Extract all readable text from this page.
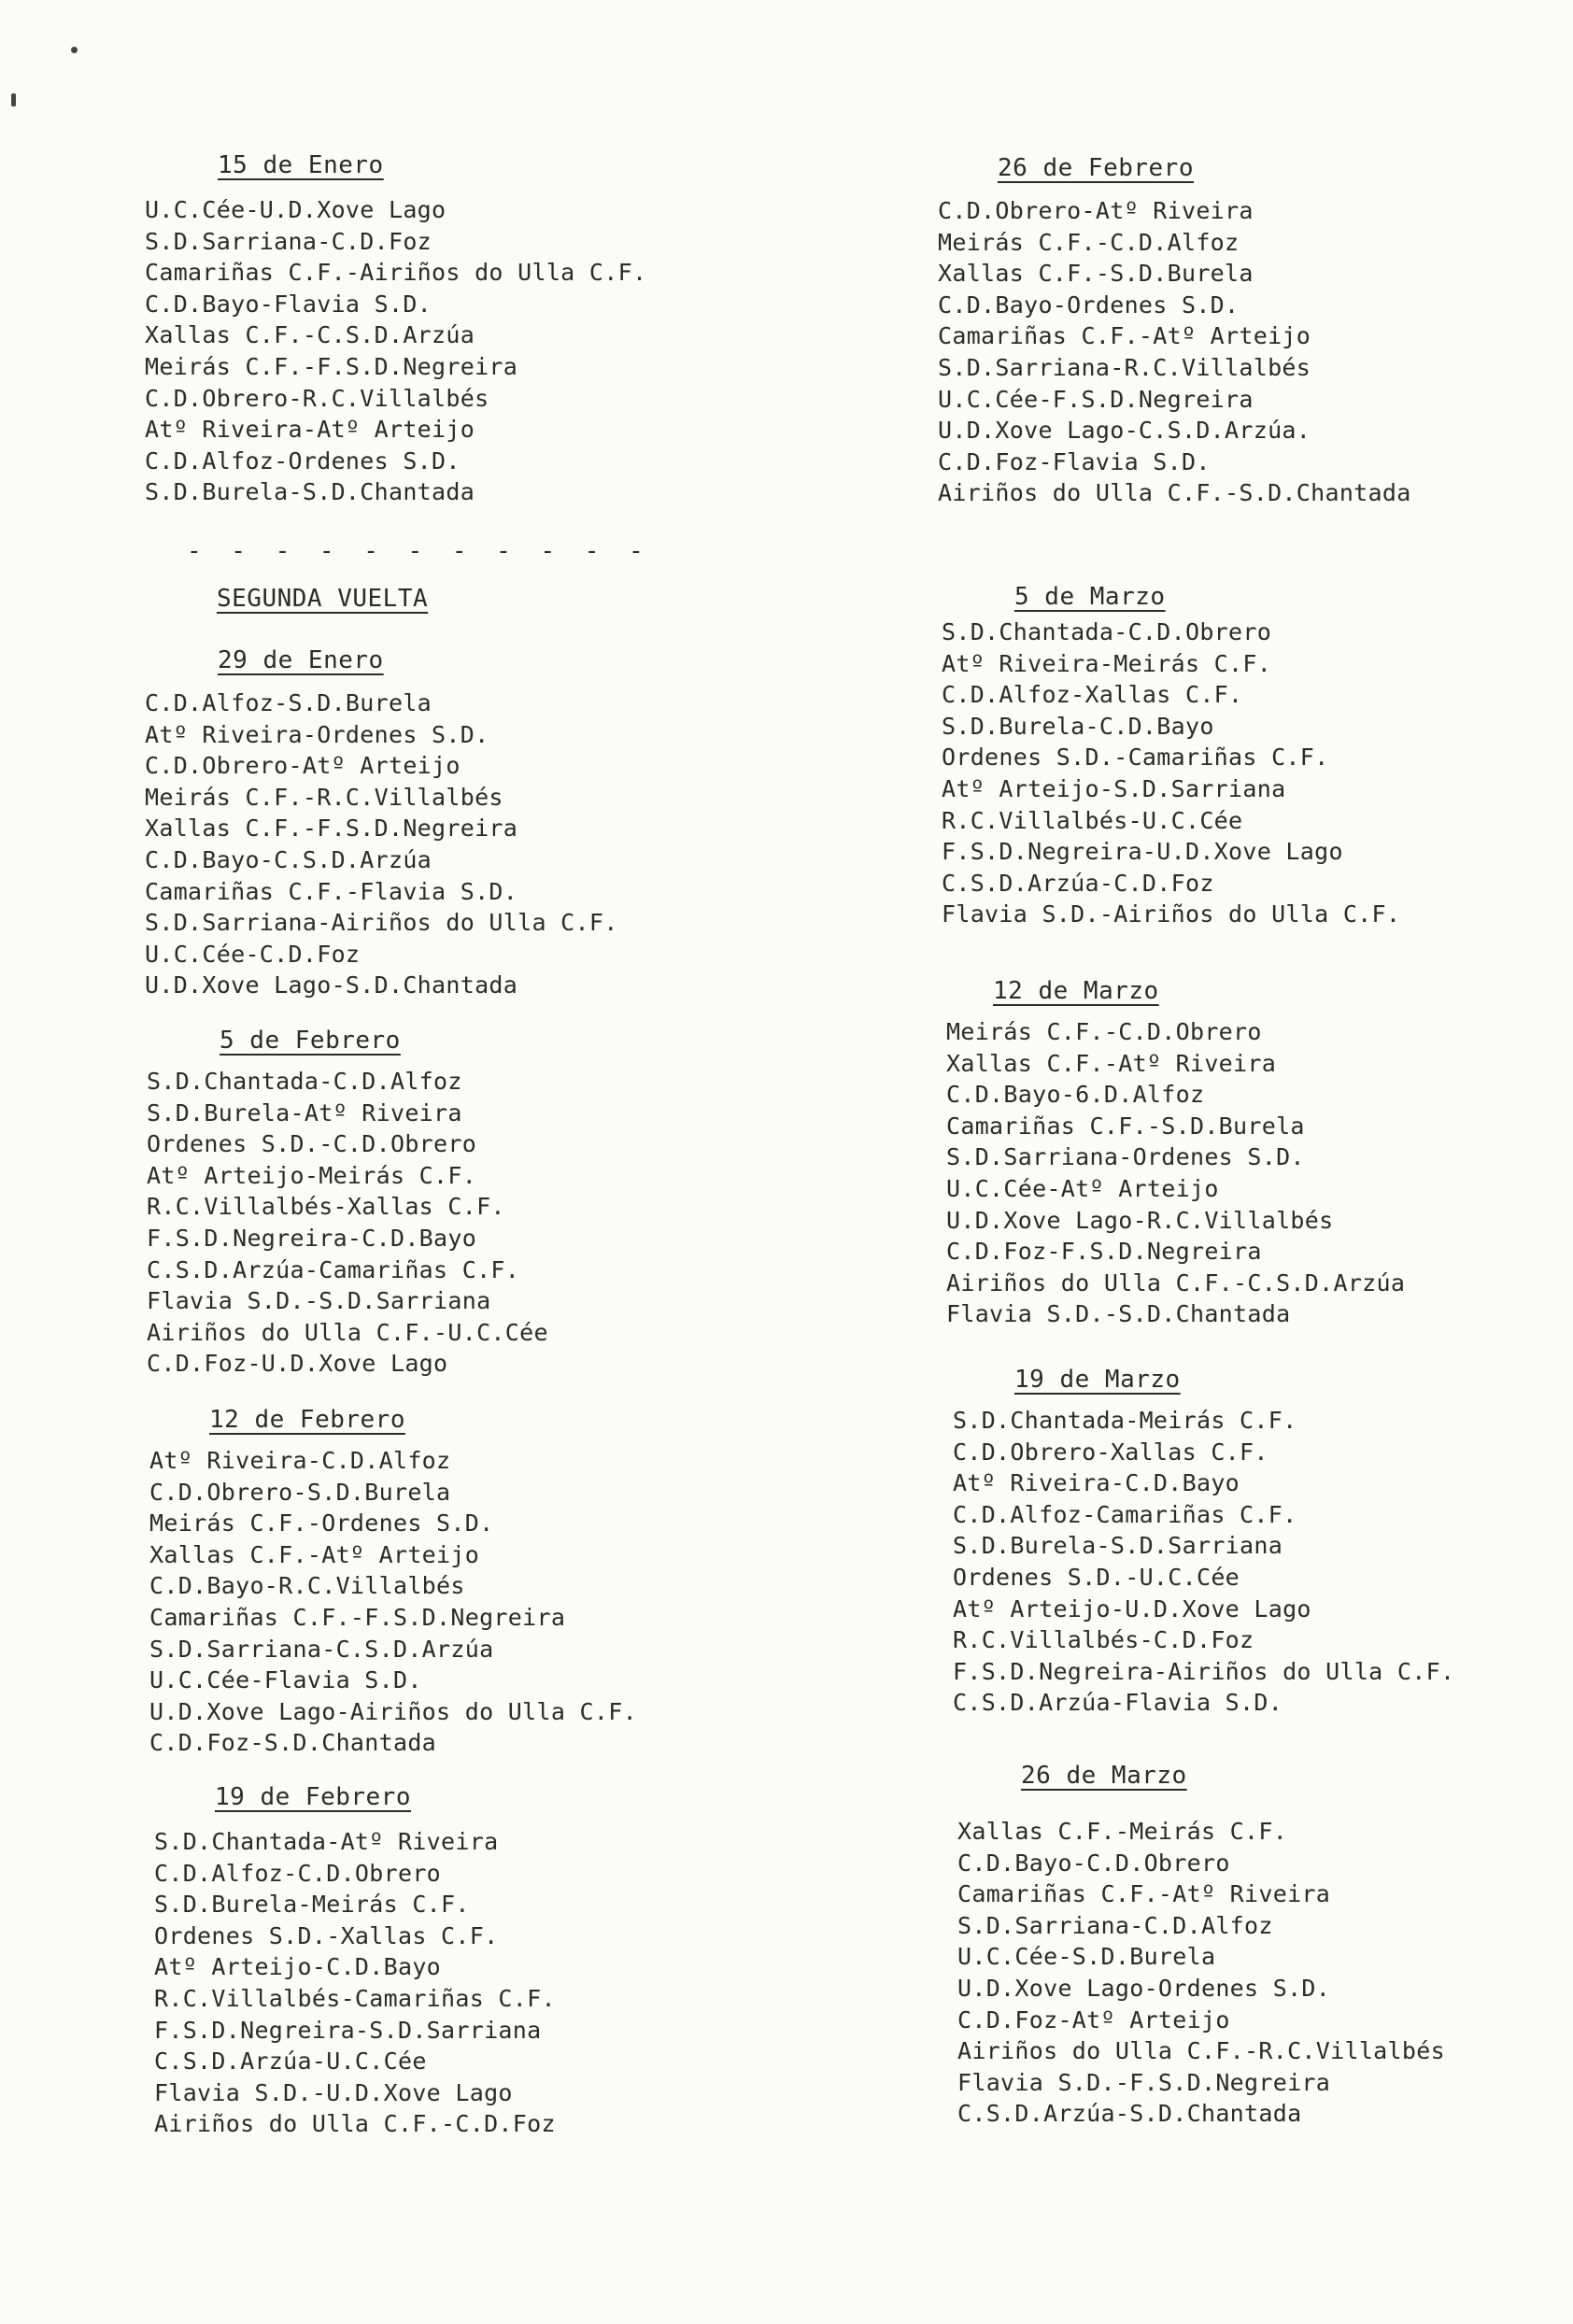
15 de Enero
U.C.Cée-U.D.Xove Lago
S.D.Sarriana-C.D.Foz
Camariñas C.F.-Airiños do Ulla C.F.
C.D.Bayo-Flavia S.D.
Xallas C.F.-C.S.D.Arzúa
Meirás C.F.-F.S.D.Negreira
C.D.Obrero-R.C.Villalbés
Atº Riveira-Atº Arteijo
C.D.Alfoz-Ordenes S.D.
S.D.Burela-S.D.Chantada
- - - - - - - - - - -
SEGUNDA VUELTA
29 de Enero
C.D.Alfoz-S.D.Burela
Atº Riveira-Ordenes S.D.
C.D.Obrero-Atº Arteijo
Meirás C.F.-R.C.Villalbés
Xallas C.F.-F.S.D.Negreira
C.D.Bayo-C.S.D.Arzúa
Camariñas C.F.-Flavia S.D.
S.D.Sarriana-Airiños do Ulla C.F.
U.C.Cée-C.D.Foz
U.D.Xove Lago-S.D.Chantada
5 de Febrero
S.D.Chantada-C.D.Alfoz
S.D.Burela-Atº Riveira
Ordenes S.D.-C.D.Obrero
Atº Arteijo-Meirás C.F.
R.C.Villalbés-Xallas C.F.
F.S.D.Negreira-C.D.Bayo
C.S.D.Arzúa-Camariñas C.F.
Flavia S.D.-S.D.Sarriana
Airiños do Ulla C.F.-U.C.Cée
C.D.Foz-U.D.Xove Lago
12 de Febrero
Atº Riveira-C.D.Alfoz
C.D.Obrero-S.D.Burela
Meirás C.F.-Ordenes S.D.
Xallas C.F.-Atº Arteijo
C.D.Bayo-R.C.Villalbés
Camariñas C.F.-F.S.D.Negreira
S.D.Sarriana-C.S.D.Arzúa
U.C.Cée-Flavia S.D.
U.D.Xove Lago-Airiños do Ulla C.F.
C.D.Foz-S.D.Chantada
19 de Febrero
S.D.Chantada-Atº Riveira
C.D.Alfoz-C.D.Obrero
S.D.Burela-Meirás C.F.
Ordenes S.D.-Xallas C.F.
Atº Arteijo-C.D.Bayo
R.C.Villalbés-Camariñas C.F.
F.S.D.Negreira-S.D.Sarriana
C.S.D.Arzúa-U.C.Cée
Flavia S.D.-U.D.Xove Lago
Airiños do Ulla C.F.-C.D.Foz
26 de Febrero
C.D.Obrero-Atº Riveira
Meirás C.F.-C.D.Alfoz
Xallas C.F.-S.D.Burela
C.D.Bayo-Ordenes S.D.
Camariñas C.F.-Atº Arteijo
S.D.Sarriana-R.C.Villalbés
U.C.Cée-F.S.D.Negreira
U.D.Xove Lago-C.S.D.Arzúa.
C.D.Foz-Flavia S.D.
Airiños do Ulla C.F.-S.D.Chantada
5 de Marzo
S.D.Chantada-C.D.Obrero
Atº Riveira-Meirás C.F.
C.D.Alfoz-Xallas C.F.
S.D.Burela-C.D.Bayo
Ordenes S.D.-Camariñas C.F.
Atº Arteijo-S.D.Sarriana
R.C.Villalbés-U.C.Cée
F.S.D.Negreira-U.D.Xove Lago
C.S.D.Arzúa-C.D.Foz
Flavia S.D.-Airiños do Ulla C.F.
12 de Marzo
Meirás C.F.-C.D.Obrero
Xallas C.F.-Atº Riveira
C.D.Bayo-6.D.Alfoz
Camariñas C.F.-S.D.Burela
S.D.Sarriana-Ordenes S.D.
U.C.Cée-Atº Arteijo
U.D.Xove Lago-R.C.Villalbés
C.D.Foz-F.S.D.Negreira
Airiños do Ulla C.F.-C.S.D.Arzúa
Flavia S.D.-S.D.Chantada
19 de Marzo
S.D.Chantada-Meirás C.F.
C.D.Obrero-Xallas C.F.
Atº Riveira-C.D.Bayo
C.D.Alfoz-Camariñas C.F.
S.D.Burela-S.D.Sarriana
Ordenes S.D.-U.C.Cée
Atº Arteijo-U.D.Xove Lago
R.C.Villalbés-C.D.Foz
F.S.D.Negreira-Airiños do Ulla C.F.
C.S.D.Arzúa-Flavia S.D.
26 de Marzo
Xallas C.F.-Meirás C.F.
C.D.Bayo-C.D.Obrero
Camariñas C.F.-Atº Riveira
S.D.Sarriana-C.D.Alfoz
U.C.Cée-S.D.Burela
U.D.Xove Lago-Ordenes S.D.
C.D.Foz-Atº Arteijo
Airiños do Ulla C.F.-R.C.Villalbés
Flavia S.D.-F.S.D.Negreira
C.S.D.Arzúa-S.D.Chantada
